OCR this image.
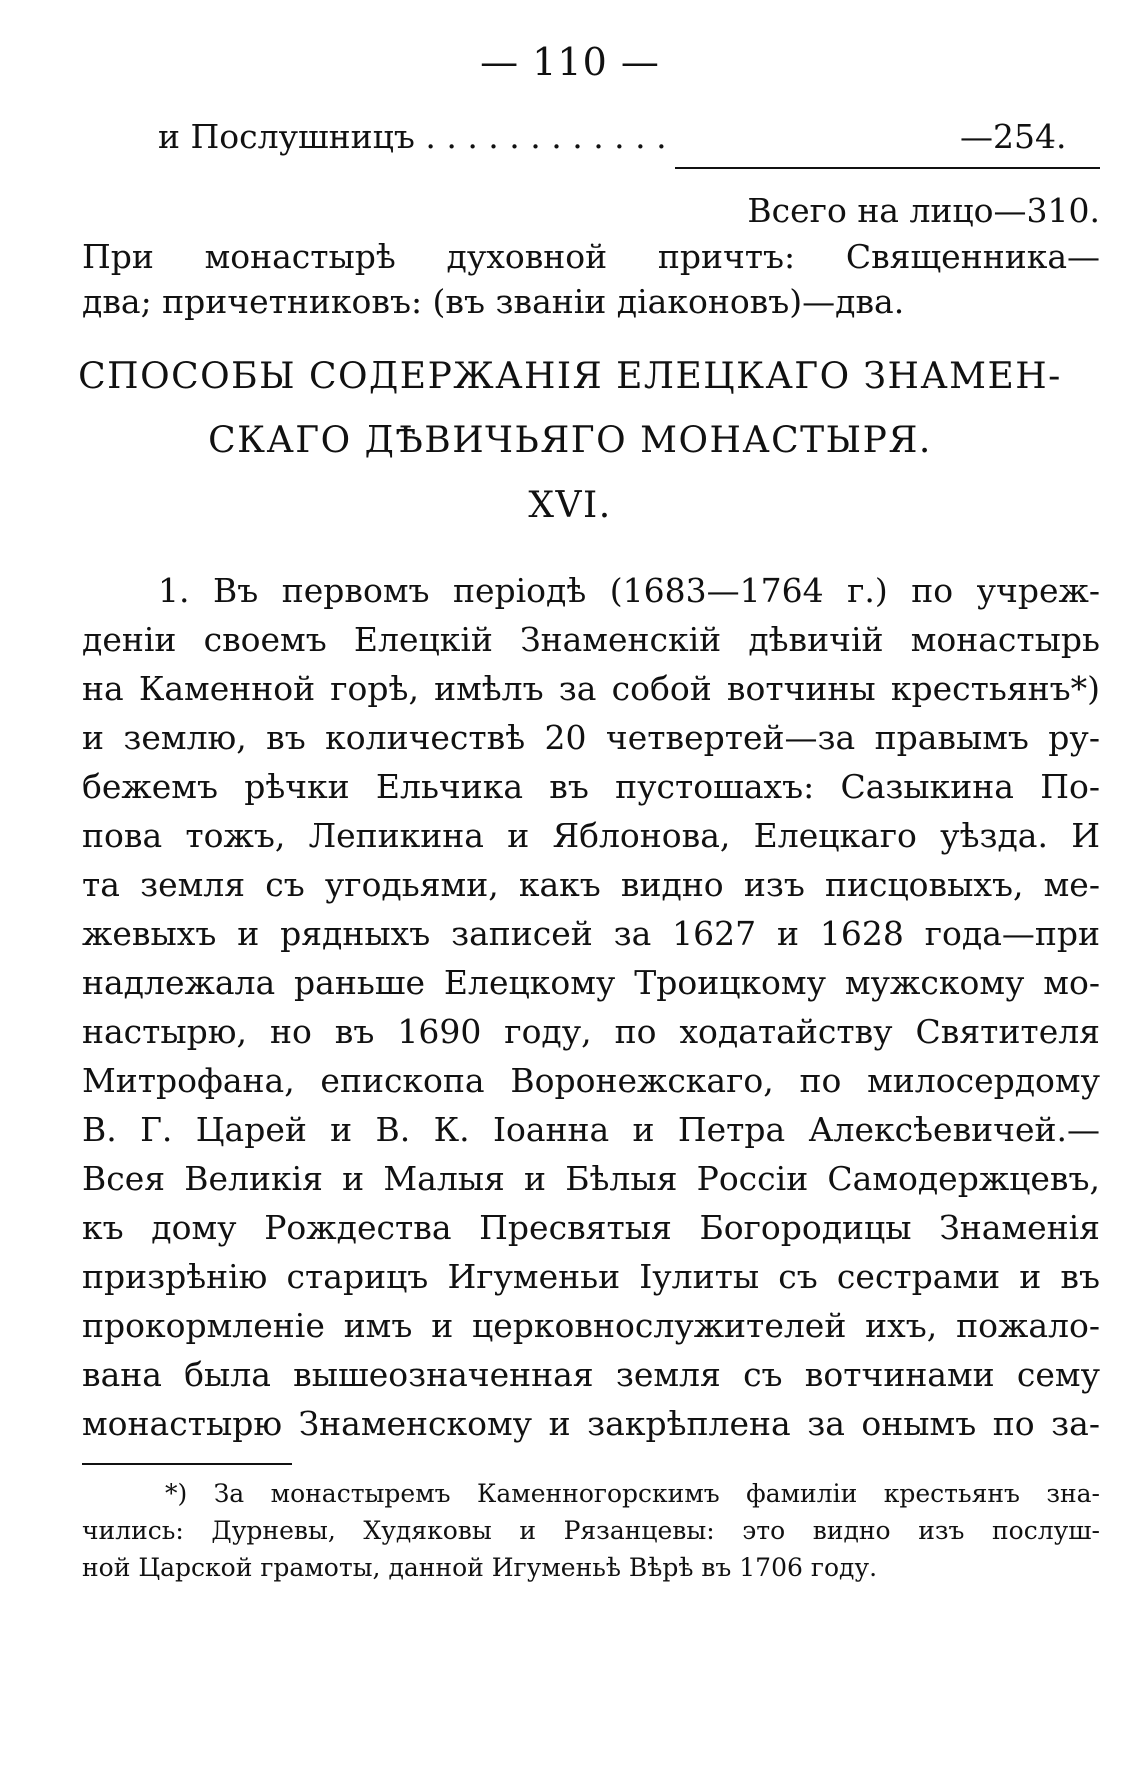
— 110 —
и Послушницъ . . . . . . . . . . . .	—254.
Всего на лицо—310.
При монастырѣ духовной причтъ: Священника—
два; причетниковъ: (въ званіи діаконовъ)—два.
СПОСОБЫ СОДЕРЖАНІЯ ЕЛЕЦКАГО ЗНАМЕН-
СКАГО ДѢВИЧЬЯГО МОНАСТЫРЯ.
XVI.
1. Въ первомъ періодѣ (1683—1764 г.) по учреж-
деніи своемъ Елецкій Знаменскій дѣвичій монастырь
на Каменной горѣ, имѣлъ за собой вотчины крестьянъ*)
и землю, въ количествѣ 20 четвертей—за правымъ ру-
бежемъ рѣчки Ельчика въ пустошахъ: Сазыкина По-
пова тожъ, Лепикина и Яблонова, Елецкаго уѣзда. И
та земля съ угодьями, какъ видно изъ писцовыхъ, ме-
жевыхъ и рядныхъ записей за 1627 и 1628 года—при
надлежала раньше Елецкому Троицкому мужскому мо-
настырю, но въ 1690 году, по ходатайству Святителя
Митрофана, епископа Воронежскаго, по милосердому
В. Г. Царей и В. К. Іоанна и Петра Алексѣевичей.—
Всея Великія и Малыя и Бѣлыя Россіи Самодержцевъ,
къ дому Рождества Пресвятыя Богородицы Знаменія
призрѣнію старицъ Игуменьи Іулиты съ сестрами и въ
прокормленіе имъ и церковнослужителей ихъ, пожало-
вана была вышеозначенная земля съ вотчинами сему
монастырю Знаменскому и закрѣплена за онымъ по за-
*) За монастыремъ Каменногорскимъ фамиліи крестьянъ зна-
чились: Дурневы, Худяковы и Рязанцевы: это видно изъ послуш-
ной Царской грамоты, данной Игуменьѣ Вѣрѣ въ 1706 году.
